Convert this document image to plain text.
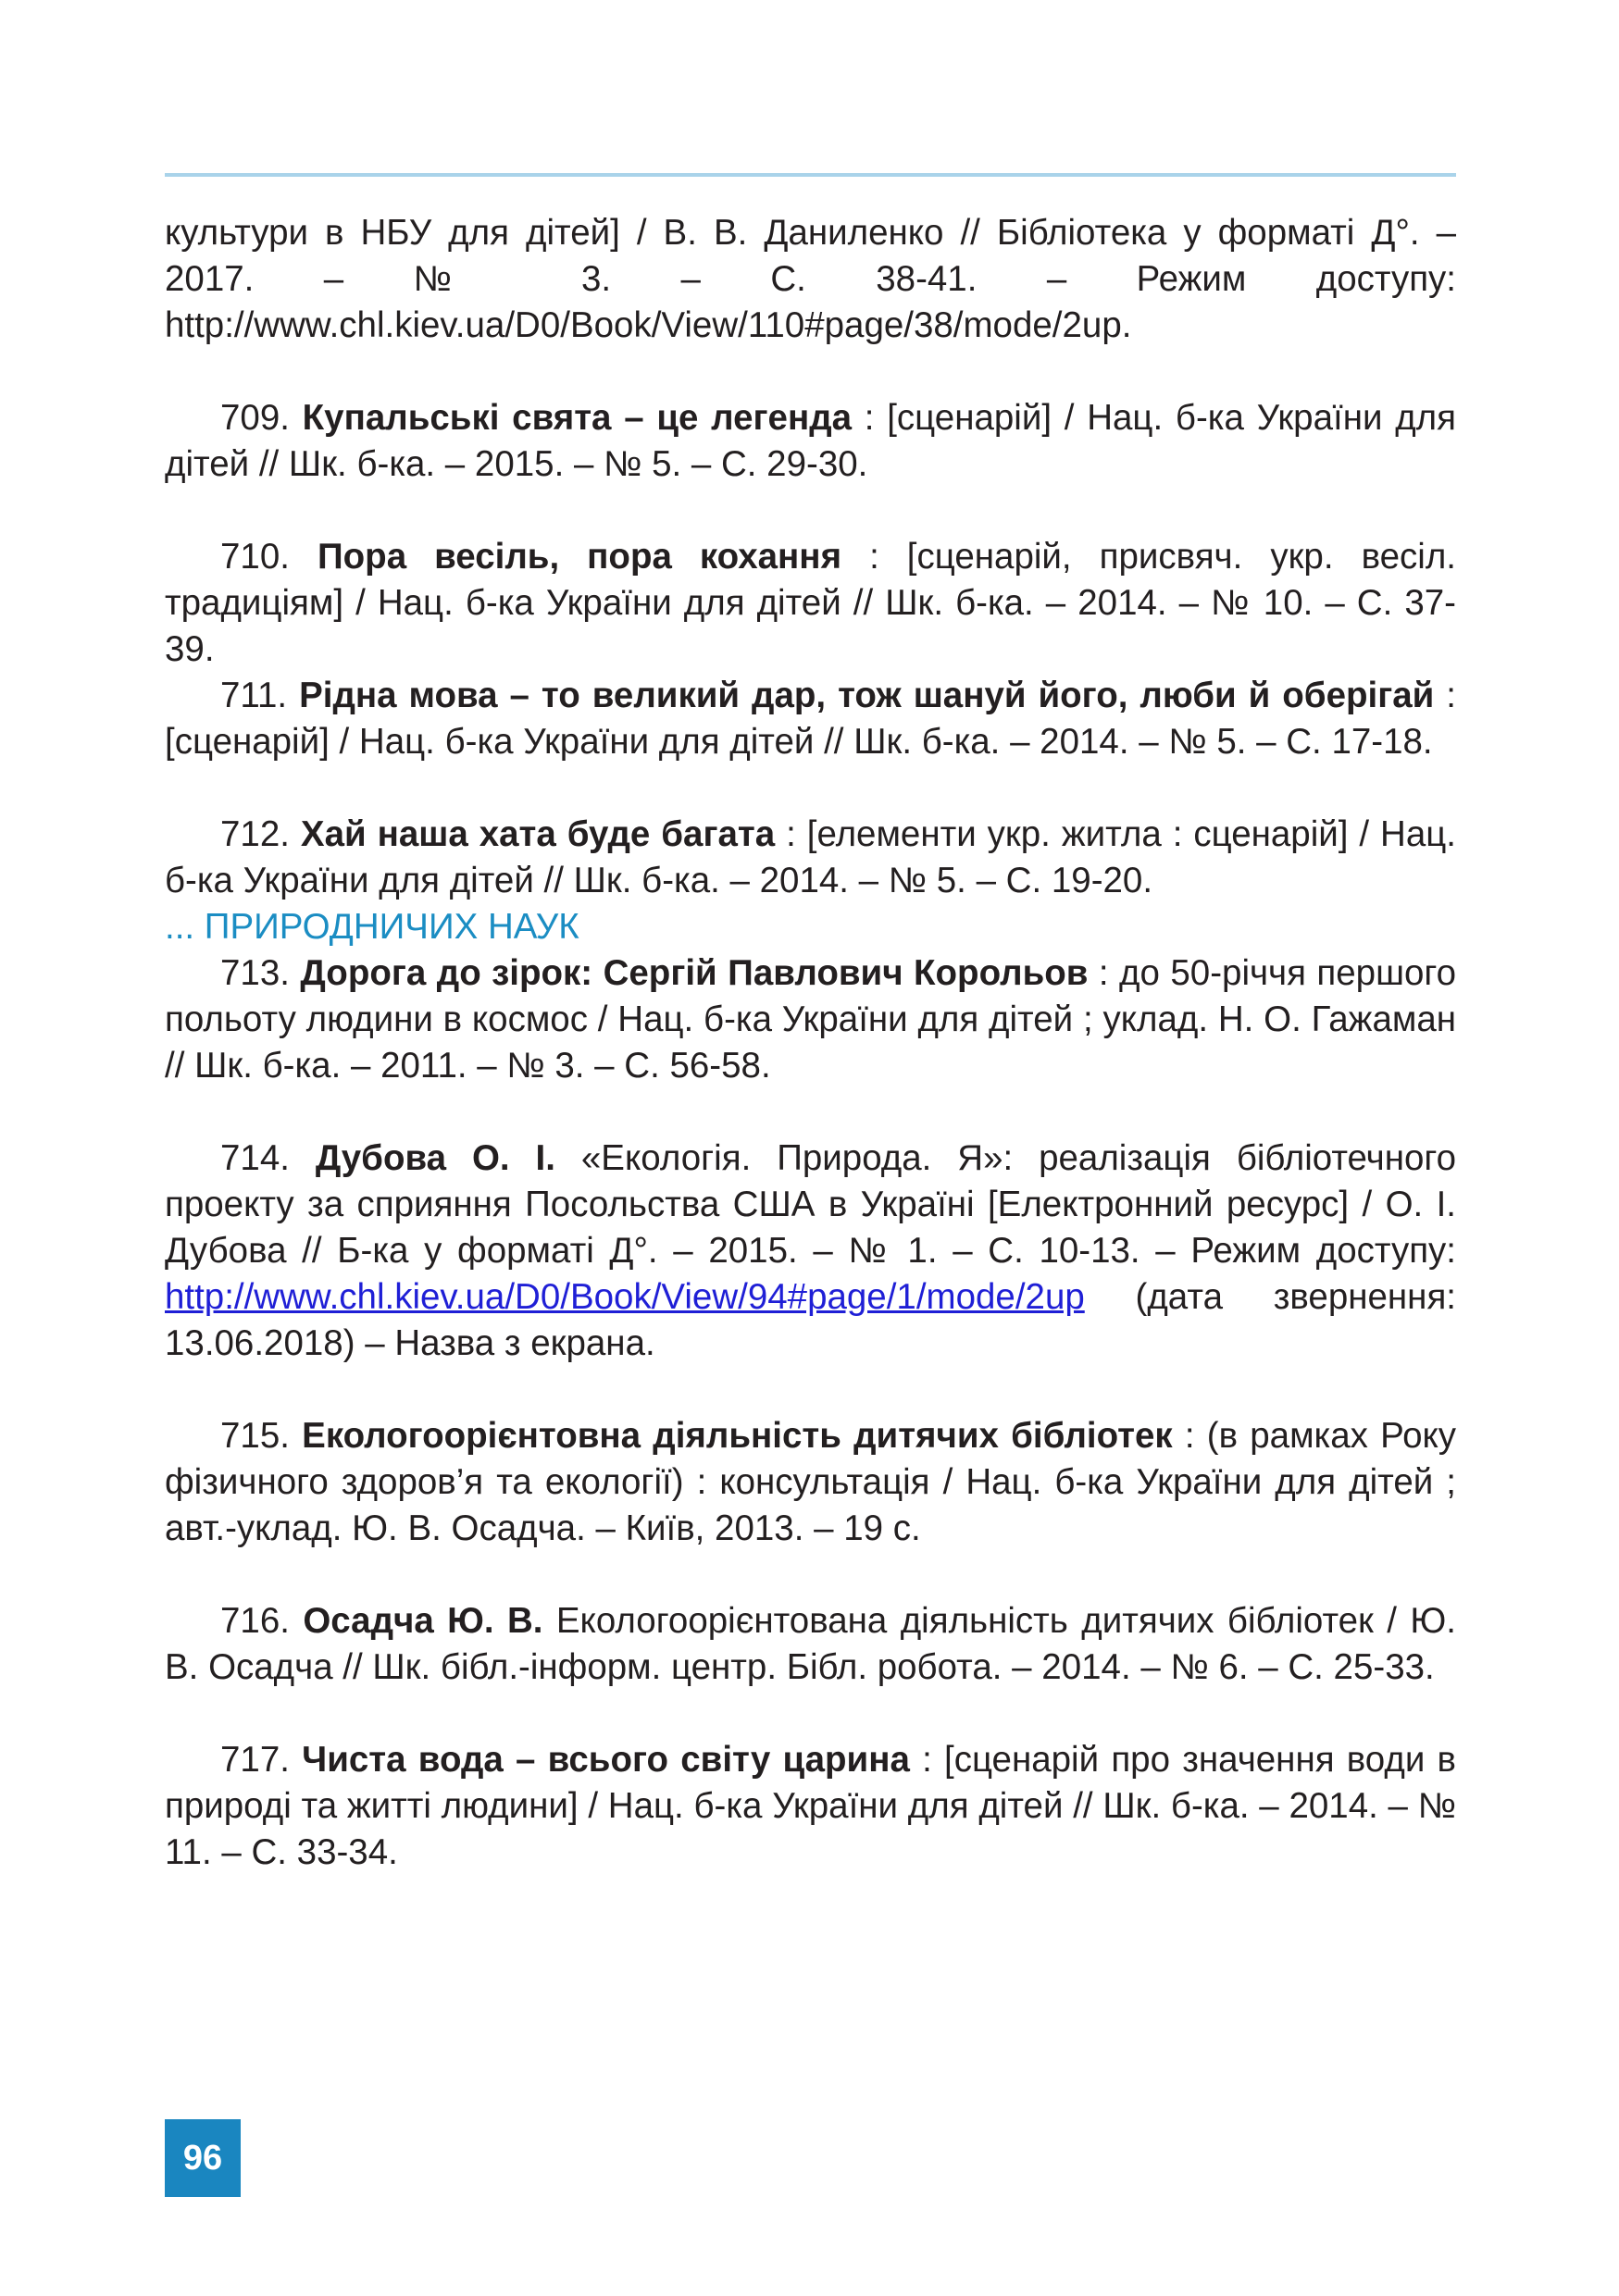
культури в НБУ для дітей] / В. В. Даниленко // Бібліотека у форматі Д°. – 2017. – № 3. – С. 38-41. – Режим доступу: http://www.chl.kiev.ua/D0/Book/View/110#page/38/mode/2up.

709. Купальські свята – це легенда : [сценарій] / Нац. б-ка України для дітей // Шк. б-ка. – 2015. – № 5. – С. 29-30.

710. Пора весіль, пора кохання : [сценарій, присвяч. укр. весіл. традиціям] / Нац. б-ка України для дітей // Шк. б-ка. – 2014. – № 10. – С. 37-39.

711. Рідна мова – то великий дар, тож шануй його, люби й оберігай : [сценарій] / Нац. б-ка України для дітей // Шк. б-ка. – 2014. – № 5. – С. 17-18.

712. Хай наша хата буде багата : [елементи укр. житла : сценарій] / Нац. б-ка України для дітей // Шк. б-ка. – 2014. – № 5. – С. 19-20.

... ПРИРОДНИЧИХ НАУК

713. Дорога до зірок: Сергій Павлович Корольов : до 50-річчя першого польоту людини в космос / Нац. б-ка України для дітей ; уклад. Н. О. Гажаман // Шк. б-ка. – 2011. – № 3. – С. 56-58.

714. Дубова О. І. «Екологія. Природа. Я»: реалізація бібліотечного проекту за сприяння Посольства США в Україні [Електронний ресурс] / О. І. Дубова // Б-ка у форматі Д°. – 2015. – № 1. – С. 10-13. – Режим доступу: http://www.chl.kiev.ua/D0/Book/View/94#page/1/mode/2up (дата звернення: 13.06.2018) – Назва з екрана.

715. Екологоорієнтовна діяльність дитячих бібліотек : (в рамках Року фізичного здоров’я та екології) : консультація / Нац. б-ка України для дітей ; авт.-уклад. Ю. В. Осадча. – Київ, 2013. – 19 с.

716. Осадча Ю. В. Екологоорієнтована діяльність дитячих бібліотек / Ю. В. Осадча // Шк. бібл.-інформ. центр. Бібл. робота. – 2014. – № 6. – С. 25-33.

717. Чиста вода – всього світу царина : [сценарій про значення води в природі та житті людини] / Нац. б-ка України для дітей // Шк. б-ка. – 2014. – № 11. – С. 33-34.

96
